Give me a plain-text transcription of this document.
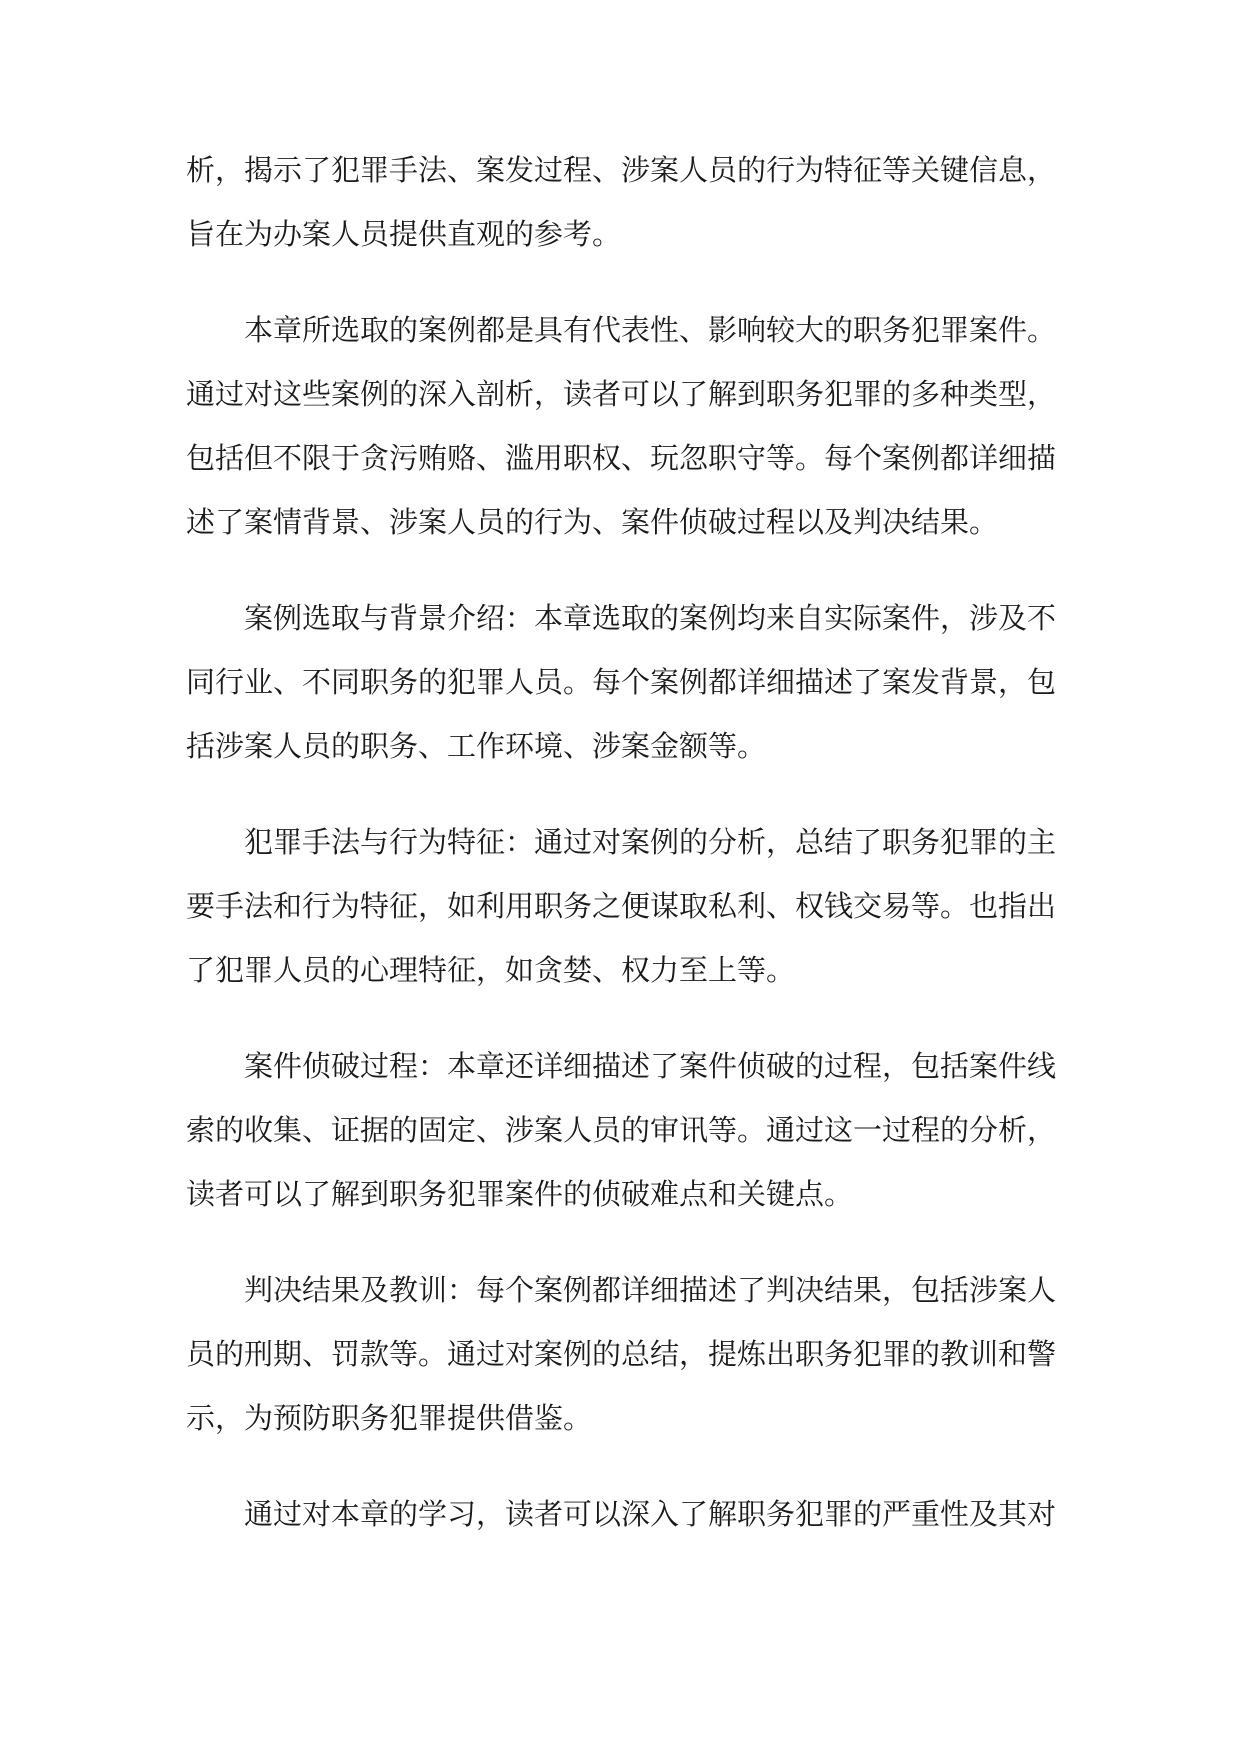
析，揭示了犯罪手法、案发过程、涉案人员的行为特征等关键信息，
旨在为办案人员提供直观的参考。
本章所选取的案例都是具有代表性、影响较大的职务犯罪案件。
通过对这些案例的深入剖析，读者可以了解到职务犯罪的多种类型，
包括但不限于贪污贿赂、滥用职权、玩忽职守等。每个案例都详细描
述了案情背景、涉案人员的行为、案件侦破过程以及判决结果。
案例选取与背景介绍：本章选取的案例均来自实际案件，涉及不
同行业、不同职务的犯罪人员。每个案例都详细描述了案发背景，包
括涉案人员的职务、工作环境、涉案金额等。
犯罪手法与行为特征：通过对案例的分析，总结了职务犯罪的主
要手法和行为特征，如利用职务之便谋取私利、权钱交易等。也指出
了犯罪人员的心理特征，如贪婪、权力至上等。
案件侦破过程：本章还详细描述了案件侦破的过程，包括案件线
索的收集、证据的固定、涉案人员的审讯等。通过这一过程的分析，
读者可以了解到职务犯罪案件的侦破难点和关键点。
判决结果及教训：每个案例都详细描述了判决结果，包括涉案人
员的刑期、罚款等。通过对案例的总结，提炼出职务犯罪的教训和警
示，为预防职务犯罪提供借鉴。
通过对本章的学习，读者可以深入了解职务犯罪的严重性及其对
